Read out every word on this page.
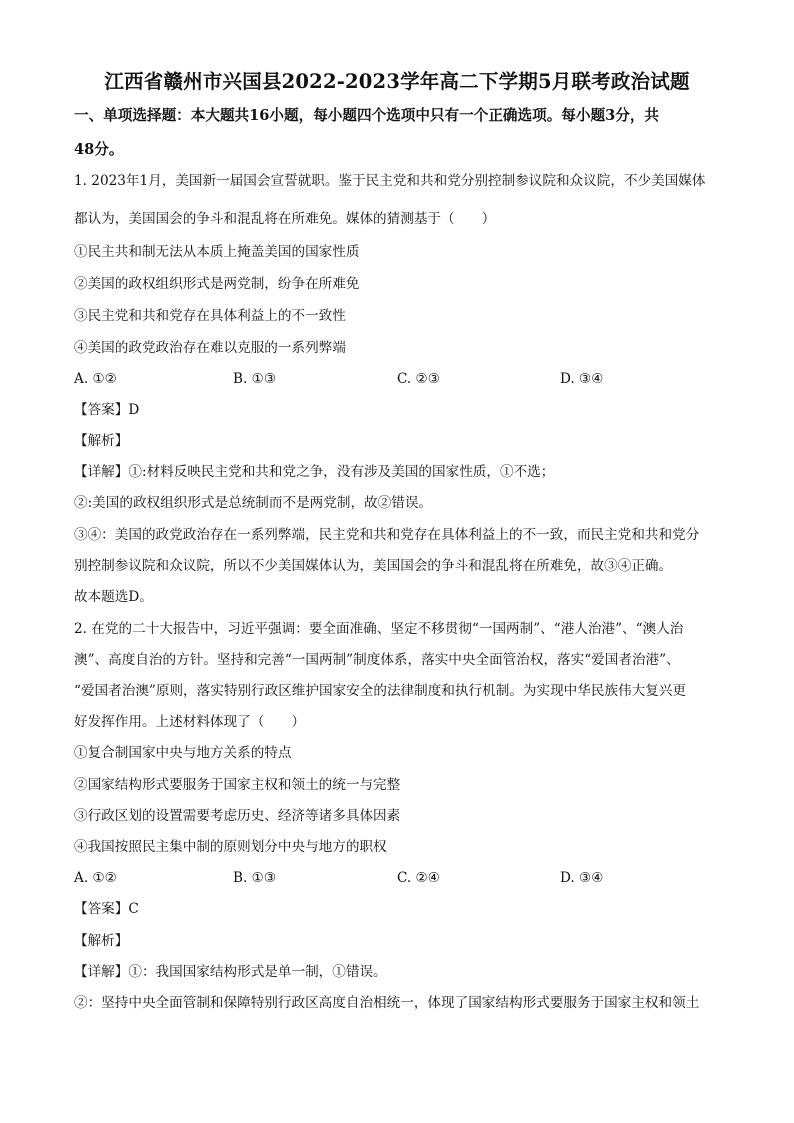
江西省赣州市兴国县2022-2023学年高二下学期5月联考政治试题
一、单项选择题：本大题共16小题，每小题四个选项中只有一个正确选项。每小题3分，共
48分。
1. 2023年1月，美国新一届国会宣誓就职。鉴于民主党和共和党分别控制参议院和众议院，不少美国媒体
都认为，美国国会的争斗和混乱将在所难免。媒体的猜测基于（　　）
①民主共和制无法从本质上掩盖美国的国家性质
②美国的政权组织形式是两党制，纷争在所难免
③民主党和共和党存在具体利益上的不一致性
④美国的政党政治存在难以克服的一系列弊端
A. ①②	B. ①③	C. ②③	D. ③④
【答案】D
【解析】
【详解】①:材料反映民主党和共和党之争，没有涉及美国的国家性质，①不选；
②:美国的政权组织形式是总统制而不是两党制，故②错误。
③④：美国的政党政治存在一系列弊端，民主党和共和党存在具体利益上的不一致，而民主党和共和党分
别控制参议院和众议院，所以不少美国媒体认为，美国国会的争斗和混乱将在所难免，故③④正确。
故本题选D。
2. 在党的二十大报告中，习近平强调：要全面准确、坚定不移贯彻“一国两制”、“港人治港”、“澳人治
澳”、高度自治的方针。坚持和完善“一国两制”制度体系，落实中央全面管治权，落实“爱国者治港”、
“爱国者治澳”原则，落实特别行政区维护国家安全的法律制度和执行机制。为实现中华民族伟大复兴更
好发挥作用。上述材料体现了（　　）
①复合制国家中央与地方关系的特点
②国家结构形式要服务于国家主权和领土的统一与完整
③行政区划的设置需要考虑历史、经济等诸多具体因素
④我国按照民主集中制的原则划分中央与地方的职权
A. ①②	B. ①③	C. ②④	D. ③④
【答案】C
【解析】
【详解】①：我国国家结构形式是单一制，①错误。
②：坚持中央全面管制和保障特别行政区高度自治相统一，体现了国家结构形式要服务于国家主权和领土
